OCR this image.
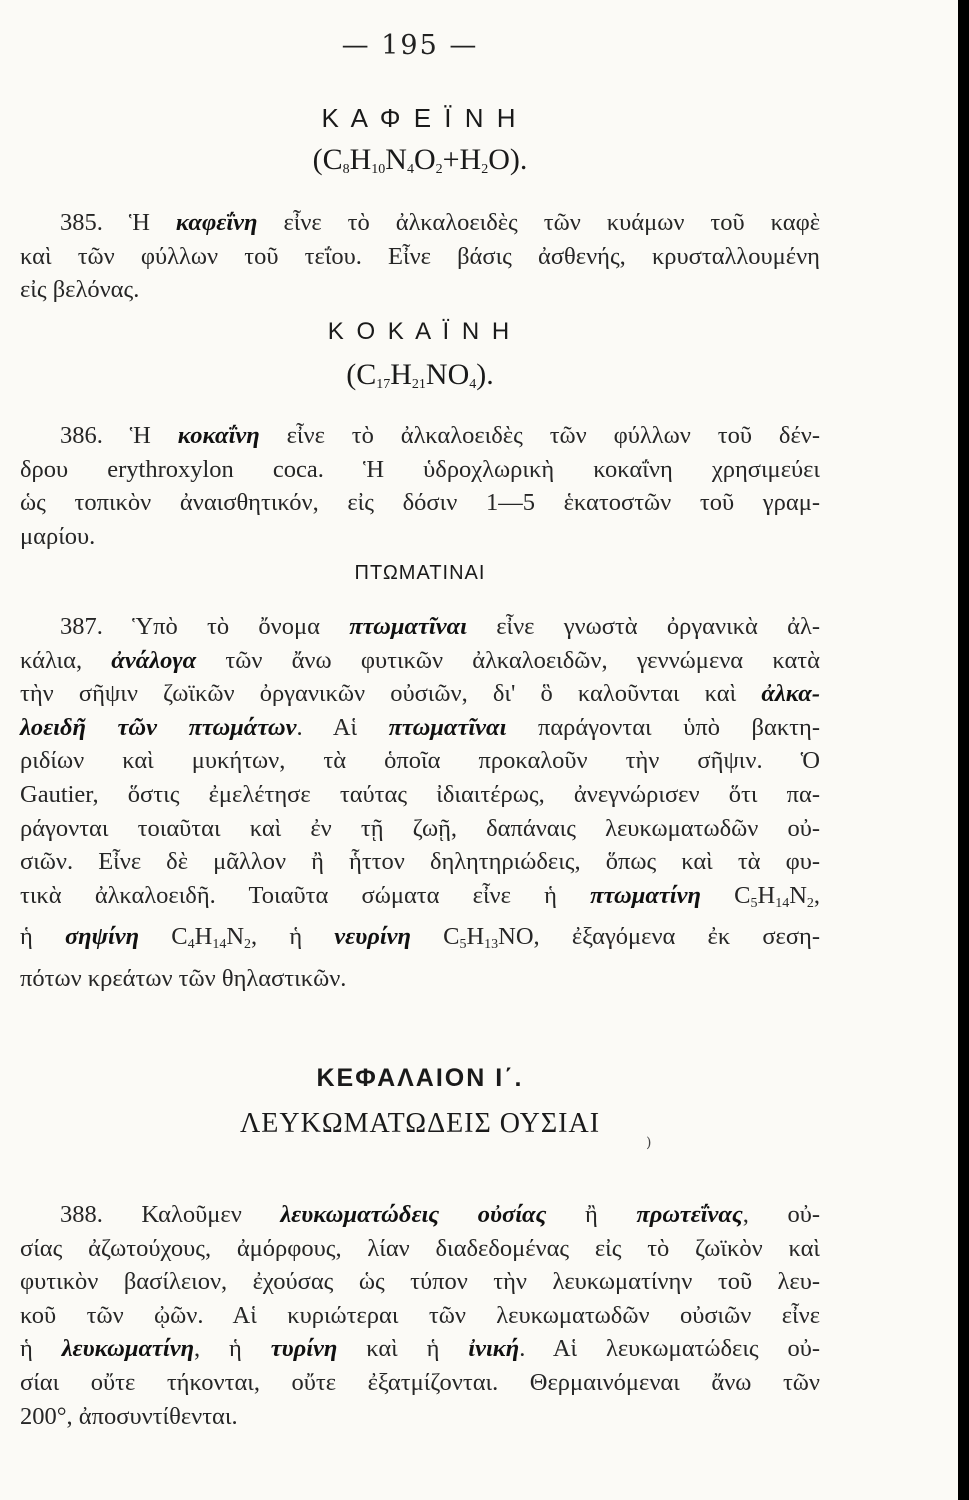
— 195 —
Κ Α Φ Ε Ϊ Ν Η
$(C_8H_{10}N_4O_2+H_2O)$.
385. Ἡ καφεΐνη εἶνε τὸ ἀλκαλοειδὲς τῶν κυάμων τοῦ καφὲ
καὶ τῶν φύλλων τοῦ τεΐου. Εἶνε βάσις ἀσθενής, κρυσταλλουμένη
εἰς βελόνας.
Κ Ο Κ Α Ϊ Ν Η
$(C_{17}H_{21}NO_4)$.
386. Ἡ κοκαΐνη εἶνε τὸ ἀλκαλοειδὲς τῶν φύλλων τοῦ δέν-
δρου erythroxylon coca. Ἡ ὑδροχλωρικὴ κοκαΐνη χρησιμεύει
ὡς τοπικὸν ἀναισθητικόν, εἰς δόσιν 1—5 ἑκατοστῶν τοῦ γραμ-
μαρίου.
ΠΤΩΜΑΤΙΝΑΙ
387. Ὑπὸ τὸ ὄνομα πτωματῖναι εἶνε γνωστὰ ὀργανικὰ ἀλ-
κάλια, ἀνάλογα τῶν ἄνω φυτικῶν ἀλκαλοειδῶν, γεννώμενα κατὰ
τὴν σῆψιν ζωϊκῶν ὀργανικῶν οὐσιῶν, δι' ὃ καλοῦνται καὶ ἀλκα-
λοειδῆ τῶν πτωμάτων. Αἱ πτωματῖναι παράγονται ὑπὸ βακτη-
ριδίων καὶ μυκήτων, τὰ ὁποῖα προκαλοῦν τὴν σῆψιν. Ὁ
Gautier, ὅστις ἐμελέτησε ταύτας ἰδιαιτέρως, ἀνεγνώρισεν ὅτι πα-
ράγονται τοιαῦται καὶ ἐν τῇ ζωῇ, δαπάναις λευκωματωδῶν οὐ-
σιῶν. Εἶνε δὲ μᾶλλον ἢ ἧττον δηλητηριώδεις, ὅπως καὶ τὰ φυ-
τικὰ ἀλκαλοειδῆ. Τοιαῦτα σώματα εἶνε ἡ πτωματίνη $C_5H_{14}N_2$,
ἡ σηψίνη $C_4H_{14}N_2$, ἡ νευρίνη $C_5H_{13}NO$, ἐξαγόμενα ἐκ σεση-
πότων κρεάτων τῶν θηλαστικῶν.
ΚΕΦΑΛΑΙΟΝ Ι΄.
ΛΕΥΚΩΜΑΤΩΔΕΙΣ ΟΥΣΙΑΙ
)
388. Καλοῦμεν λευκωματώδεις οὐσίας ἢ πρωτεΐνας, οὐ-
σίας ἀζωτούχους, ἀμόρφους, λίαν διαδεδομένας εἰς τὸ ζωϊκὸν καὶ
φυτικὸν βασίλειον, ἐχούσας ὡς τύπον τὴν λευκωματίνην τοῦ λευ-
κοῦ τῶν ᾠῶν. Αἱ κυριώτεραι τῶν λευκωματωδῶν οὐσιῶν εἶνε
ἡ λευκωματίνη, ἡ τυρίνη καὶ ἡ ἰνική. Αἱ λευκωματώδεις οὐ-
σίαι οὔτε τήκονται, οὔτε ἐξατμίζονται. Θερμαινόμεναι ἄνω τῶν
200°, ἀποσυντίθενται.
